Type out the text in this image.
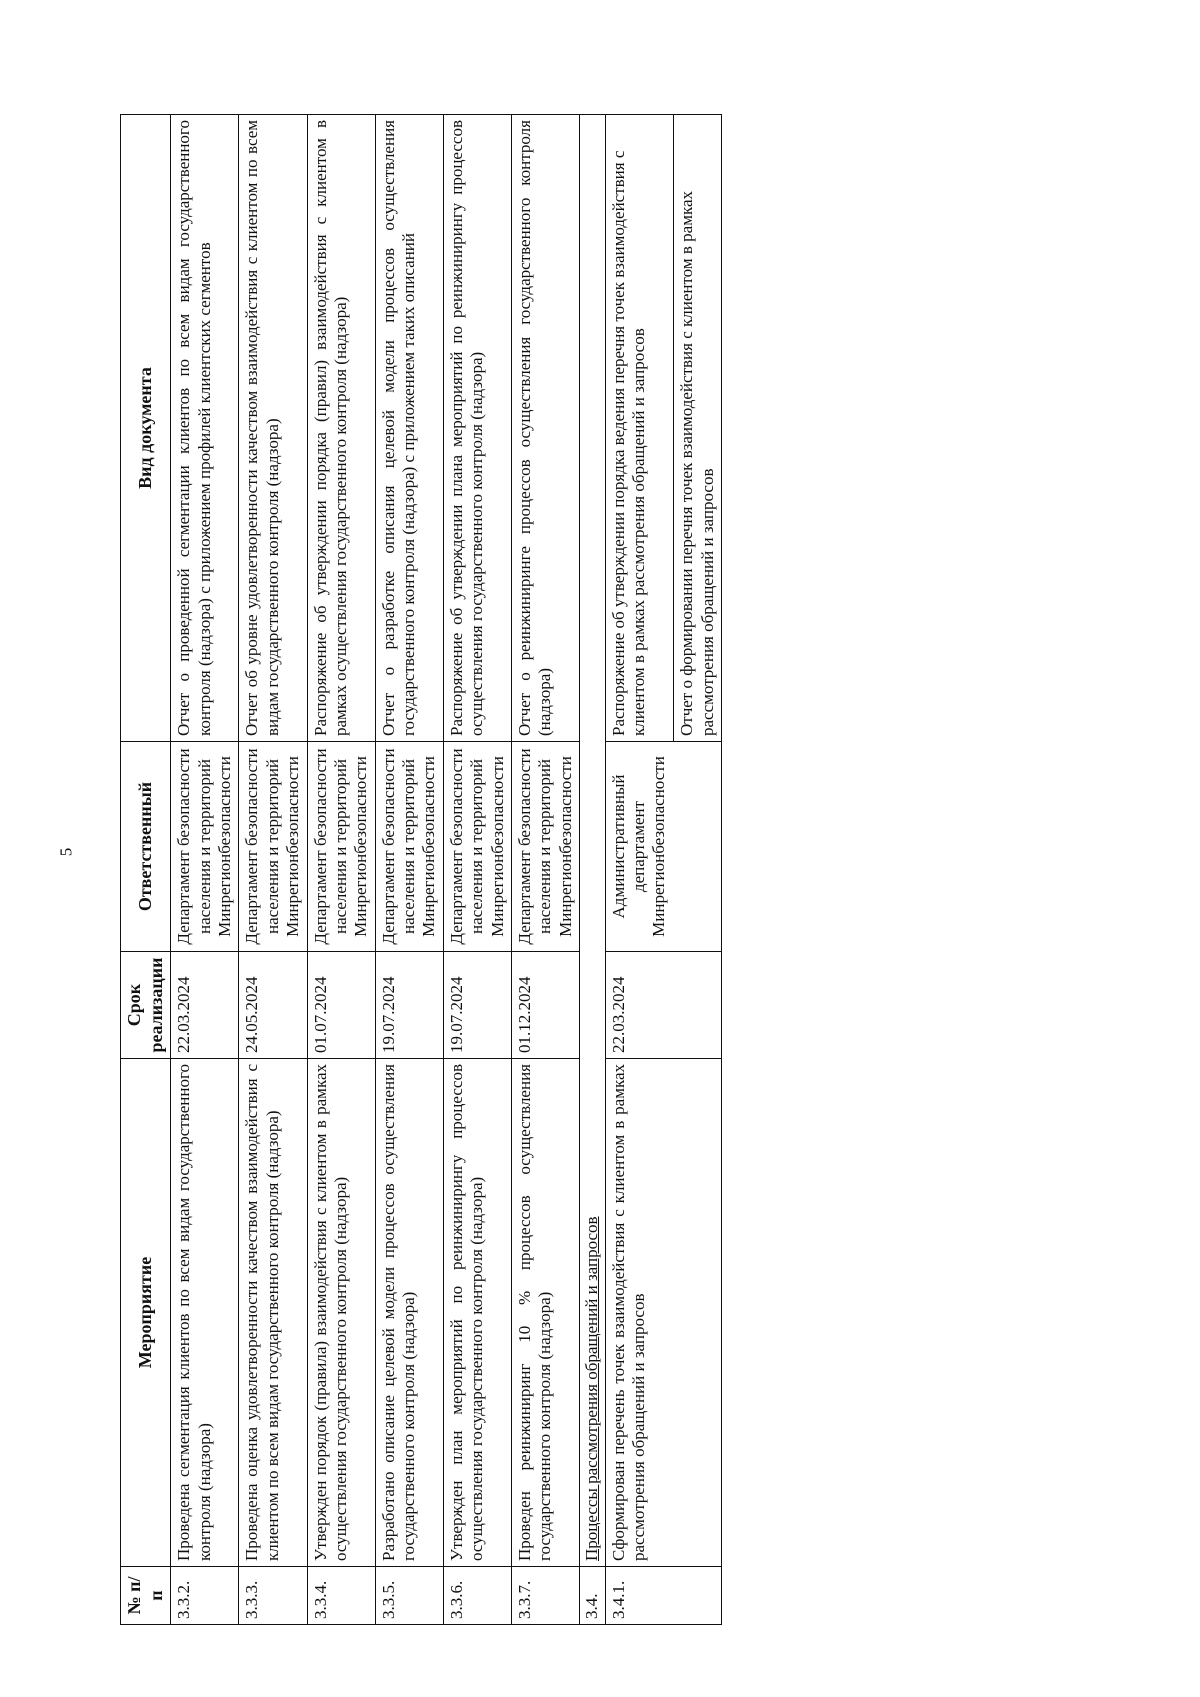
5
№ п/п	Мероприятие	Срок реализации	Ответственный	Вид документа
3.3.2.	Проведена сегментация клиентов по всем видам государственного контроля (надзора)	22.03.2024	Департамент безопасности населения и территорий Минрегионбезопасности	Отчет о проведенной сегментации клиентов по всем видам государственного контроля (надзора) с приложением профилей клиентских сегментов
3.3.3.	Проведена оценка удовлетворенности качеством взаимодействия с клиентом по всем видам государственного контроля (надзора)	24.05.2024	Департамент безопасности населения и территорий Минрегионбезопасности	Отчет об уровне удовлетворенности качеством взаимодействия с клиентом по всем видам государственного контроля (надзора)
3.3.4.	Утвержден порядок (правила) взаимодействия с клиентом в рамках осуществления государственного контроля (надзора)	01.07.2024	Департамент безопасности населения и территорий Минрегионбезопасности	Распоряжение об утверждении порядка (правил) взаимодействия с клиентом в рамках осуществления государственного контроля (надзора)
3.3.5.	Разработано описание целевой модели процессов осуществления государственного контроля (надзора)	19.07.2024	Департамент безопасности населения и территорий Минрегионбезопасности	Отчет о разработке описания целевой модели процессов осуществления государственного контроля (надзора) с приложением таких описаний
3.3.6.	Утвержден план мероприятий по реинжинирингу процессов осуществления государственного контроля (надзора)	19.07.2024	Департамент безопасности населения и территорий Минрегионбезопасности	Распоряжение об утверждении плана мероприятий по реинжинирингу процессов осуществления государственного контроля (надзора)
3.3.7.	Проведен реинжиниринг 10 % процессов осуществления государственного контроля (надзора)	01.12.2024	Департамент безопасности населения и территорий Минрегионбезопасности	Отчет о реинжиниринге процессов осуществления государственного контроля (надзора)
3.4.	Процессы рассмотрения обращений и запросов			
3.4.1.	Сформирован перечень точек взаимодействия с клиентом в рамках рассмотрения обращений и запросов	22.03.2024	Административный департамент Минрегионбезопасности	Распоряжение об утверждении порядка ведения перечня точек взаимодействия с клиентом в рамках рассмотрения обращений и запросов Отчет о формировании перечня точек взаимодействия с клиентом в рамках рассмотрения обращений и запросов
